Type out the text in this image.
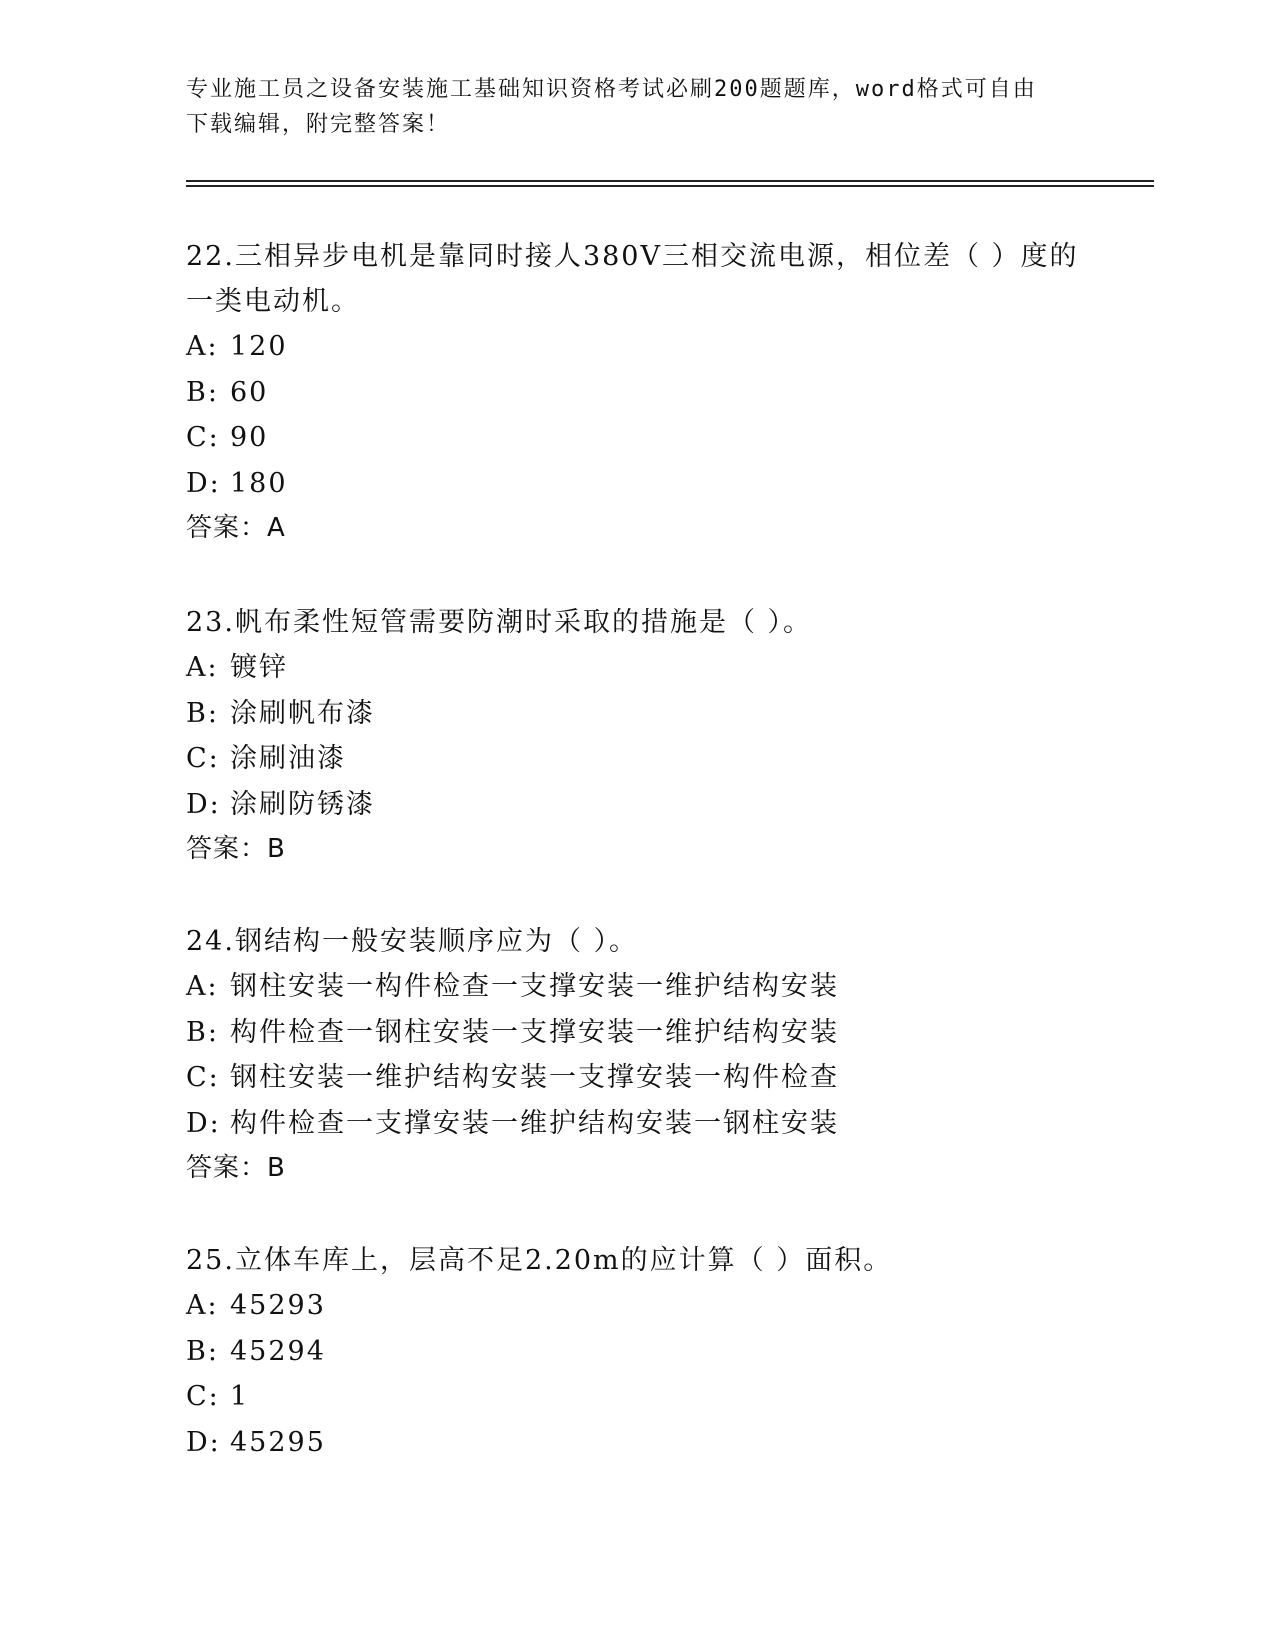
专业施工员之设备安装施工基础知识资格考试必刷200题题库，word格式可自由
下载编辑，附完整答案！
22.三相异步电机是靠同时接人380V三相交流电源，相位差（ ）度的
一类电动机。
A: 120
B: 60
C: 90
D: 180
答案：A
23.帆布柔性短管需要防潮时采取的措施是（ ）。
A: 镀锌
B: 涂刷帆布漆
C: 涂刷油漆
D: 涂刷防锈漆
答案：B
24.钢结构一般安装顺序应为（ ）。
A: 钢柱安装一构件检查一支撑安装一维护结构安装
B: 构件检查一钢柱安装一支撑安装一维护结构安装
C: 钢柱安装一维护结构安装一支撑安装一构件检查
D: 构件检查一支撑安装一维护结构安装一钢柱安装
答案：B
25.立体车库上，层高不足2.20m的应计算（ ）面积。
A: 45293
B: 45294
C: 1
D: 45295
